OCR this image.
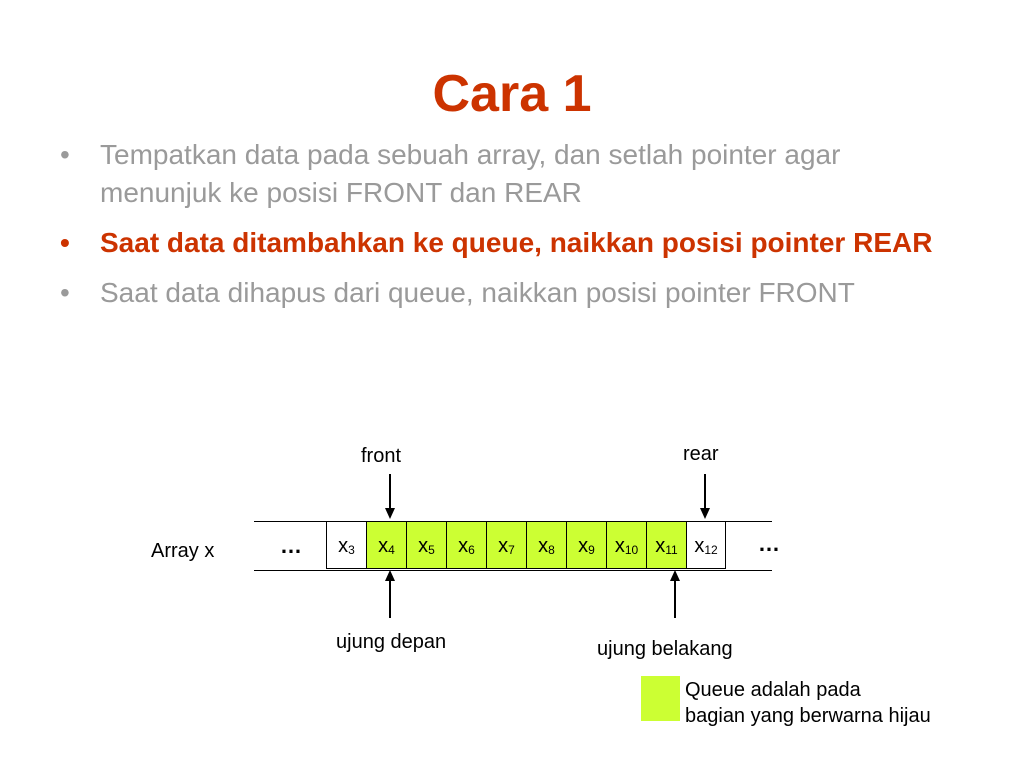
Cara 1
• Tempatkan data pada sebuah array, dan setlah pointer agar menunjuk ke posisi FRONT dan REAR
• Saat data ditambahkan ke queue, naikkan posisi pointer REAR
• Saat data dihapus dari queue, naikkan posisi pointer FRONT
front	rear
Array x	…	…
$x_3$	$x_4$	$x_5$	$x_6$	$x_7$	$x_8$	$x_9$ $x_{10}$ $x_{11}$ $x_{12}$
ujung depan	ujung belakang
Queue adalah pada
bagian yang berwarna hijau
